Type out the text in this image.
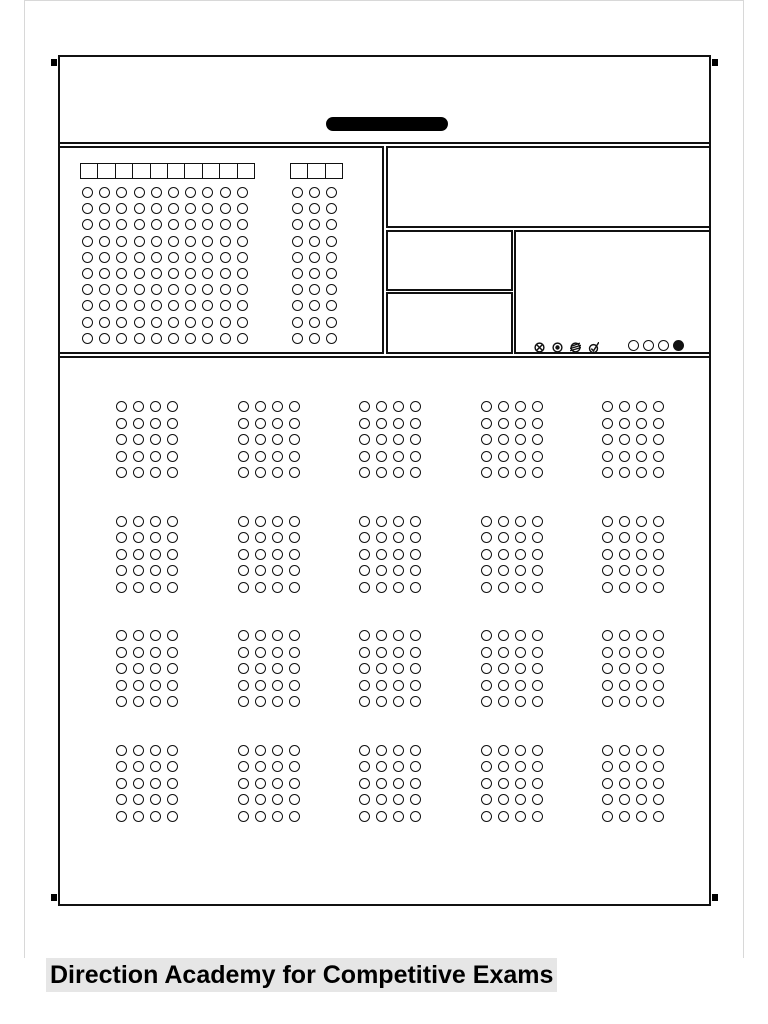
Direction Academy for Competitive Exams
